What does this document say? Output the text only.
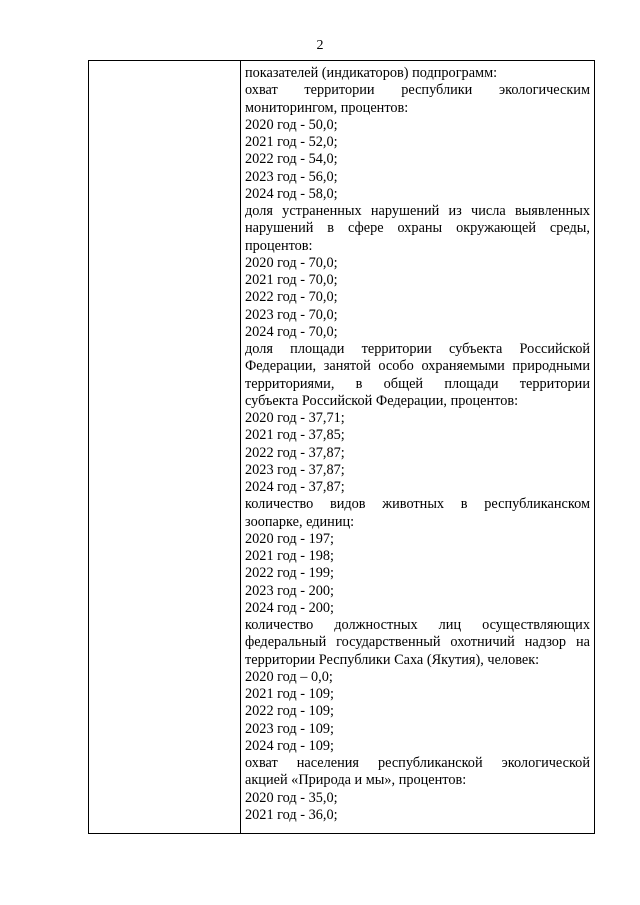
2
показателей (индикаторов) подпрограмм:
охват территории республики экологическим
мониторингом, процентов:
2020 год - 50,0;
2021 год - 52,0;
2022 год - 54,0;
2023 год - 56,0;
2024 год - 58,0;
доля устраненных нарушений из числа выявленных
нарушений в сфере охраны окружающей среды,
процентов:
2020 год - 70,0;
2021 год - 70,0;
2022 год - 70,0;
2023 год - 70,0;
2024 год - 70,0;
доля площади территории субъекта Российской
Федерации, занятой особо охраняемыми природными
территориями, в общей площади территории
субъекта Российской Федерации, процентов:
2020 год - 37,71;
2021 год - 37,85;
2022 год - 37,87;
2023 год - 37,87;
2024 год - 37,87;
количество видов животных в республиканском
зоопарке, единиц:
2020 год - 197;
2021 год - 198;
2022 год - 199;
2023 год - 200;
2024 год - 200;
количество должностных лиц осуществляющих
федеральный государственный охотничий надзор на
территории Республики Саха (Якутия), человек:
2020 год – 0,0;
2021 год - 109;
2022 год - 109;
2023 год - 109;
2024 год - 109;
охват населения республиканской экологической
акцией «Природа и мы», процентов:
2020 год - 35,0;
2021 год - 36,0;
